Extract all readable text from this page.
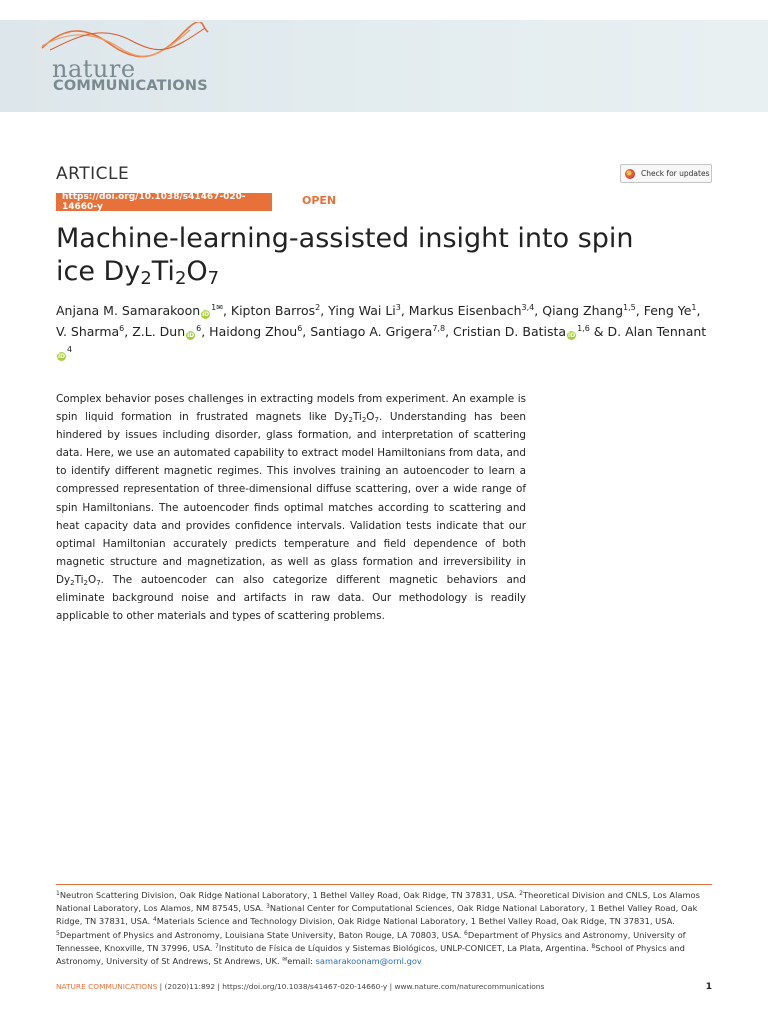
nature
COMMUNICATIONS
ARTICLE	Check for updates
https://doi.org/10.1038/s41467-020-14660-y	OPEN
Machine-learning-assisted insight into spin
ice $Dy_2Ti_2O_7$
Anjana M. Samarakoon $iD^{1✉}$, Kipton Barros$^2$, Ying Wai Li$^3$, Markus Eisenbach$^{3,4}$, Qiang Zhang$^{1,5}$, Feng Ye$^1$,
V. Sharma$^6$, Z.L. Dun $iD^6$, Haidong Zhou$^6$, Santiago A. Grigera$^{7,8}$, Cristian D. Batista iD$^{1,6}$ & D. Alan TennantiD$^4$
Complex behavior poses challenges in extracting models from experiment. An example is spin liquid formation in frustrated magnets like $Dy_2Ti_2O_7$. Understanding has been hindered by issues including disorder, glass formation, and interpretation of scattering data. Here, we use an automated capability to extract model Hamiltonians from data, and to identify different magnetic regimes. This involves training an autoencoder to learn a compressed representation of three-dimensional diffuse scattering, over a wide range of spin Hamiltonians. The autoencoder finds optimal matches according to scattering and heat capacity data and provides confidence intervals. Validation tests indicate that our optimal Hamiltonian accurately predicts temperature and field dependence of both magnetic structure and magnetization, as well as glass formation and irreversibility in $Dy_2Ti_2O_7$. The autoencoder can also categorize different magnetic behaviors and eliminate background noise and artifacts in raw data. Our methodology is readily applicable to other materials and types of scattering problems.
$^1$Neutron Scattering Division, Oak Ridge National Laboratory, 1 Bethel Valley Road, Oak Ridge, TN 37831, USA. $^2$Theoretical Division and CNLS, Los Alamos National Laboratory, Los Alamos, NM 87545, USA. $^3$National Center for Computational Sciences, Oak Ridge National Laboratory, 1 Bethel Valley Road, Oak Ridge, TN 37831, USA. $^4$Materials Science and Technology Division, Oak Ridge National Laboratory, 1 Bethel Valley Road, Oak Ridge, TN 37831, USA. $^5$Department of Physics and Astronomy, Louisiana State University, Baton Rouge, LA 70803, USA. $^6$Department of Physics and Astronomy, University of Tennessee, Knoxville, TN 37996, USA. $^7$Instituto de Física de Líquidos y Sistemas Biológicos, UNLP-CONICET, La Plata, Argentina. $^8$School of Physics and Astronomy, University of St Andrews, St Andrews, UK. ✉email: samarakoonam@ornl.gov
NATURE COMMUNICATIONS | (2020)11:892 | https://doi.org/10.1038/s41467-020-14660-y | www.nature.com/naturecommunications	1
